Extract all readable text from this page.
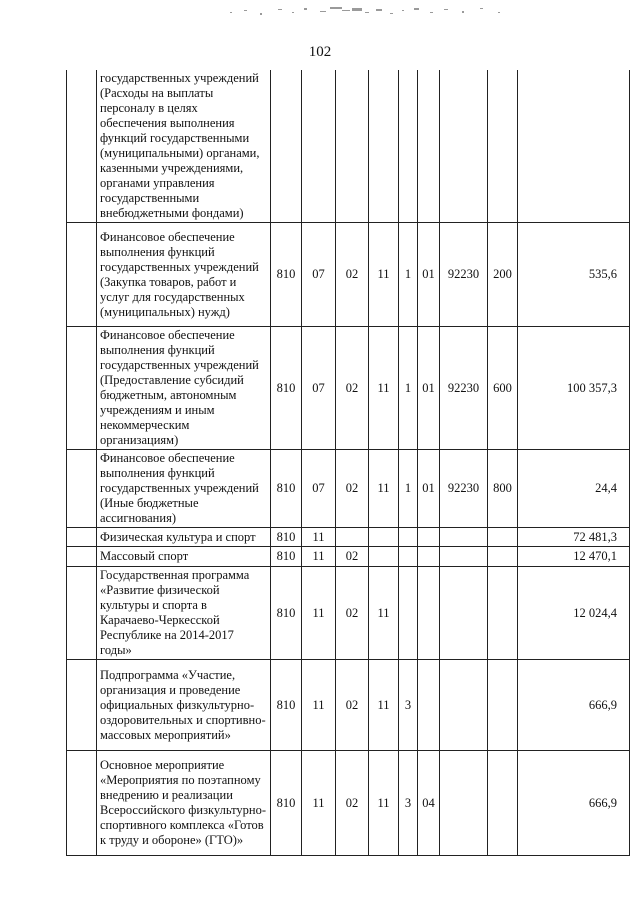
102
	государственных учреждений (Расходы на выплаты персоналу в целях обеспечения выполнения функций государственными (муниципальными) органами, казенными учреждениями, органами управления государственными внебюджетными фондами)									
	Финансовое обеспечение выполнения функций государственных учреждений (Закупка товаров, работ и услуг для государственных (муниципальных) нужд)	810	07	02	11	1	01	92230	200	535,6
	Финансовое обеспечение выполнения функций государственных учреждений (Предоставление субсидий бюджетным, автономным учреждениям и иным некоммерческим организациям)	810	07	02	11	1	01	92230	600	100 357,3
	Финансовое обеспечение выполнения функций государственных учреждений (Иные бюджетные ассигнования)	810	07	02	11	1	01	92230	800	24,4
	Физическая культура и спорт	810	11							72 481,3
	Массовый спорт	810	11	02						12 470,1
	Государственная программа «Развитие физической культуры и спорта в Карачаево-Черкесской Республике на 2014-2017 годы»	810	11	02	11					12 024,4
	Подпрограмма «Участие, организация и проведение официальных физкультурно-оздоровительных и спортивно-массовых мероприятий»	810	11	02	11	3				666,9
	Основное мероприятие «Мероприятия по поэтапному внедрению и реализации Всероссийского физкультурно-спортивного комплекса «Готов к труду и обороне» (ГТО)»	810	11	02	11	3	04			666,9
